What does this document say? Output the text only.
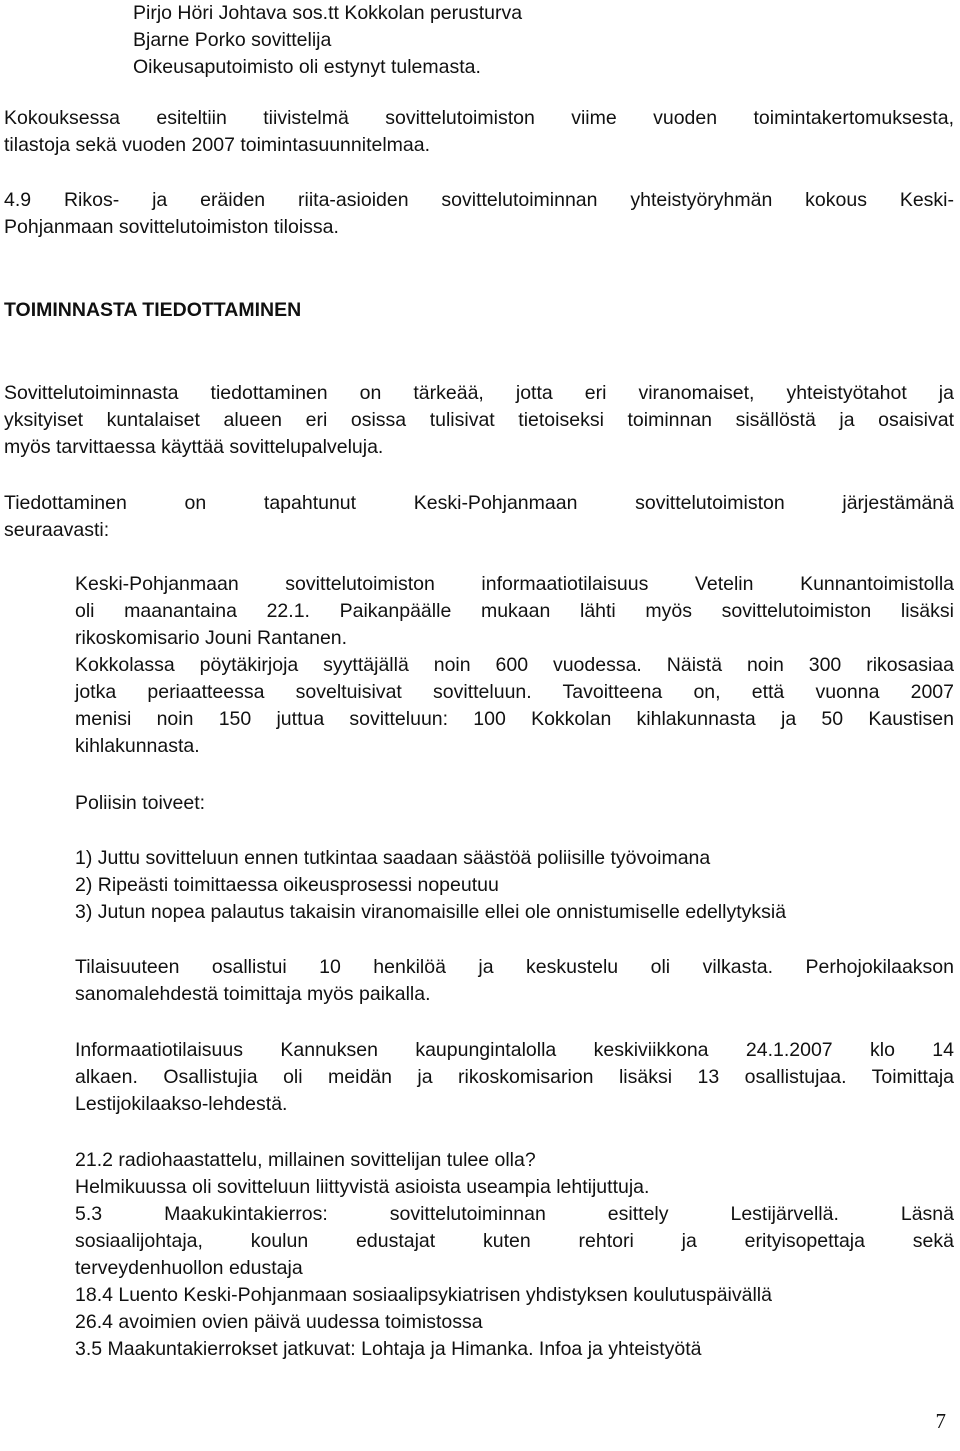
Pirjo Höri Johtava sos.tt Kokkolan perusturva
Bjarne Porko sovittelija
Oikeusaputoimisto oli estynyt tulemasta.
Kokouksessa esiteltiin tiivistelmä sovittelutoimiston viime vuoden toimintakertomuksesta,
tilastoja sekä vuoden 2007 toimintasuunnitelmaa.
4.9 Rikos- ja eräiden riita-asioiden sovittelutoiminnan yhteistyöryhmän kokous Keski-
Pohjanmaan sovittelutoimiston tiloissa.
TOIMINNASTA TIEDOTTAMINEN
Sovittelutoiminnasta tiedottaminen on tärkeää, jotta eri viranomaiset, yhteistyötahot ja
yksityiset kuntalaiset alueen eri osissa tulisivat tietoiseksi toiminnan sisällöstä ja osaisivat
myös tarvittaessa käyttää sovittelupalveluja.
Tiedottaminen on tapahtunut Keski-Pohjanmaan sovittelutoimiston järjestämänä
seuraavasti:
Keski-Pohjanmaan sovittelutoimiston informaatiotilaisuus Vetelin Kunnantoimistolla
oli maanantaina 22.1. Paikanpäälle mukaan lähti myös sovittelutoimiston lisäksi
rikoskomisario Jouni Rantanen.
Kokkolassa pöytäkirjoja syyttäjällä noin 600 vuodessa. Näistä noin 300 rikosasiaa
jotka periaatteessa soveltuisivat sovitteluun. Tavoitteena on, että vuonna 2007
menisi noin 150 juttua sovitteluun: 100 Kokkolan kihlakunnasta ja 50 Kaustisen
kihlakunnasta.
Poliisin toiveet:
1) Juttu sovitteluun ennen tutkintaa saadaan säästöä poliisille työvoimana
2) Ripeästi toimittaessa oikeusprosessi nopeutuu
3) Jutun nopea palautus takaisin viranomaisille ellei ole onnistumiselle edellytyksiä
Tilaisuuteen osallistui 10 henkilöä ja keskustelu oli vilkasta. Perhojokilaakson
sanomalehdestä toimittaja myös paikalla.
Informaatiotilaisuus Kannuksen kaupungintalolla keskiviikkona 24.1.2007 klo 14
alkaen. Osallistujia oli meidän ja rikoskomisarion lisäksi 13 osallistujaa. Toimittaja
Lestijokilaakso-lehdestä.
21.2 radiohaastattelu, millainen sovittelijan tulee olla?
Helmikuussa oli sovitteluun liittyvistä asioista useampia lehtijuttuja.
5.3 Maakukintakierros: sovittelutoiminnan esittely Lestijärvellä. Läsnä
sosiaalijohtaja, koulun edustajat kuten rehtori ja erityisopettaja sekä
terveydenhuollon edustaja
18.4 Luento Keski-Pohjanmaan sosiaalipsykiatrisen yhdistyksen koulutuspäivällä
26.4 avoimien ovien päivä uudessa toimistossa
3.5 Maakuntakierrokset jatkuvat: Lohtaja ja Himanka. Infoa ja yhteistyötä
7
